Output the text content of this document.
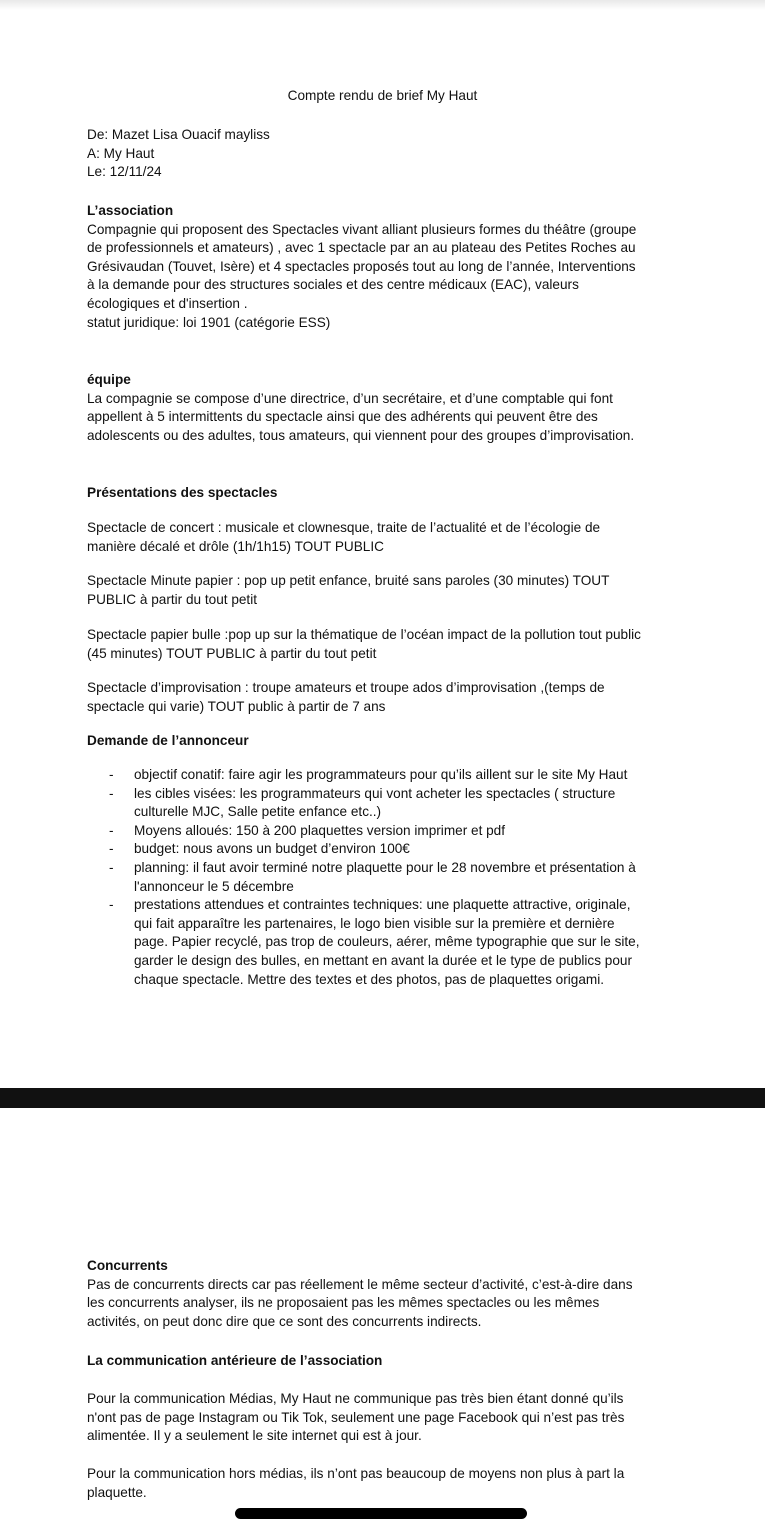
Compte rendu de brief My Haut
De: Mazet Lisa Ouacif mayliss
A: My Haut
Le: 12/11/24
L’association
Compagnie qui proposent des Spectacles vivant alliant plusieurs formes du théâtre (groupe
de professionnels et amateurs) , avec 1 spectacle par an au plateau des Petites Roches au
Grésivaudan (Touvet, Isère) et 4 spectacles proposés tout au long de l’année, Interventions
à la demande pour des structures sociales et des centre médicaux (EAC), valeurs
écologiques et d'insertion .
statut juridique: loi 1901 (catégorie ESS)
équipe
La compagnie se compose d’une directrice, d’un secrétaire, et d’une comptable qui font
appellent à 5 intermittents du spectacle ainsi que des adhérents qui peuvent être des
adolescents ou des adultes, tous amateurs, qui viennent pour des groupes d’improvisation.
Présentations des spectacles
Spectacle de concert : musicale et clownesque, traite de l’actualité et de l’écologie de
manière décalé et drôle (1h/1h15) TOUT PUBLIC
Spectacle Minute papier : pop up petit enfance, bruité sans paroles (30 minutes) TOUT
PUBLIC à partir du tout petit
Spectacle papier bulle :pop up sur la thématique de l’océan impact de la pollution tout public
(45 minutes) TOUT PUBLIC à partir du tout petit
Spectacle d’improvisation : troupe amateurs et troupe ados d’improvisation ,(temps de
spectacle qui varie) TOUT public à partir de 7 ans
Demande de l’annonceur
- objectif conatif: faire agir les programmateurs pour qu’ils aillent sur le site My Haut
- les cibles visées: les programmateurs qui vont acheter les spectacles ( structure
culturelle MJC, Salle petite enfance etc..)
- Moyens alloués: 150 à 200 plaquettes version imprimer et pdf
- budget: nous avons un budget d’environ 100€
- planning: il faut avoir terminé notre plaquette pour le 28 novembre et présentation à
l'annonceur le 5 décembre
- prestations attendues et contraintes techniques: une plaquette attractive, originale,
qui fait apparaître les partenaires, le logo bien visible sur la première et dernière
page. Papier recyclé, pas trop de couleurs, aérer, même typographie que sur le site,
garder le design des bulles, en mettant en avant la durée et le type de publics pour
chaque spectacle. Mettre des textes et des photos, pas de plaquettes origami.
Concurrents
Pas de concurrents directs car pas réellement le même secteur d’activité, c’est-à-dire dans
les concurrents analyser, ils ne proposaient pas les mêmes spectacles ou les mêmes
activités, on peut donc dire que ce sont des concurrents indirects.
La communication antérieure de l’association
Pour la communication Médias, My Haut ne communique pas très bien étant donné qu’ils
n'ont pas de page Instagram ou Tik Tok, seulement une page Facebook qui n’est pas très
alimentée. Il y a seulement le site internet qui est à jour.
Pour la communication hors médias, ils n’ont pas beaucoup de moyens non plus à part la
plaquette.
